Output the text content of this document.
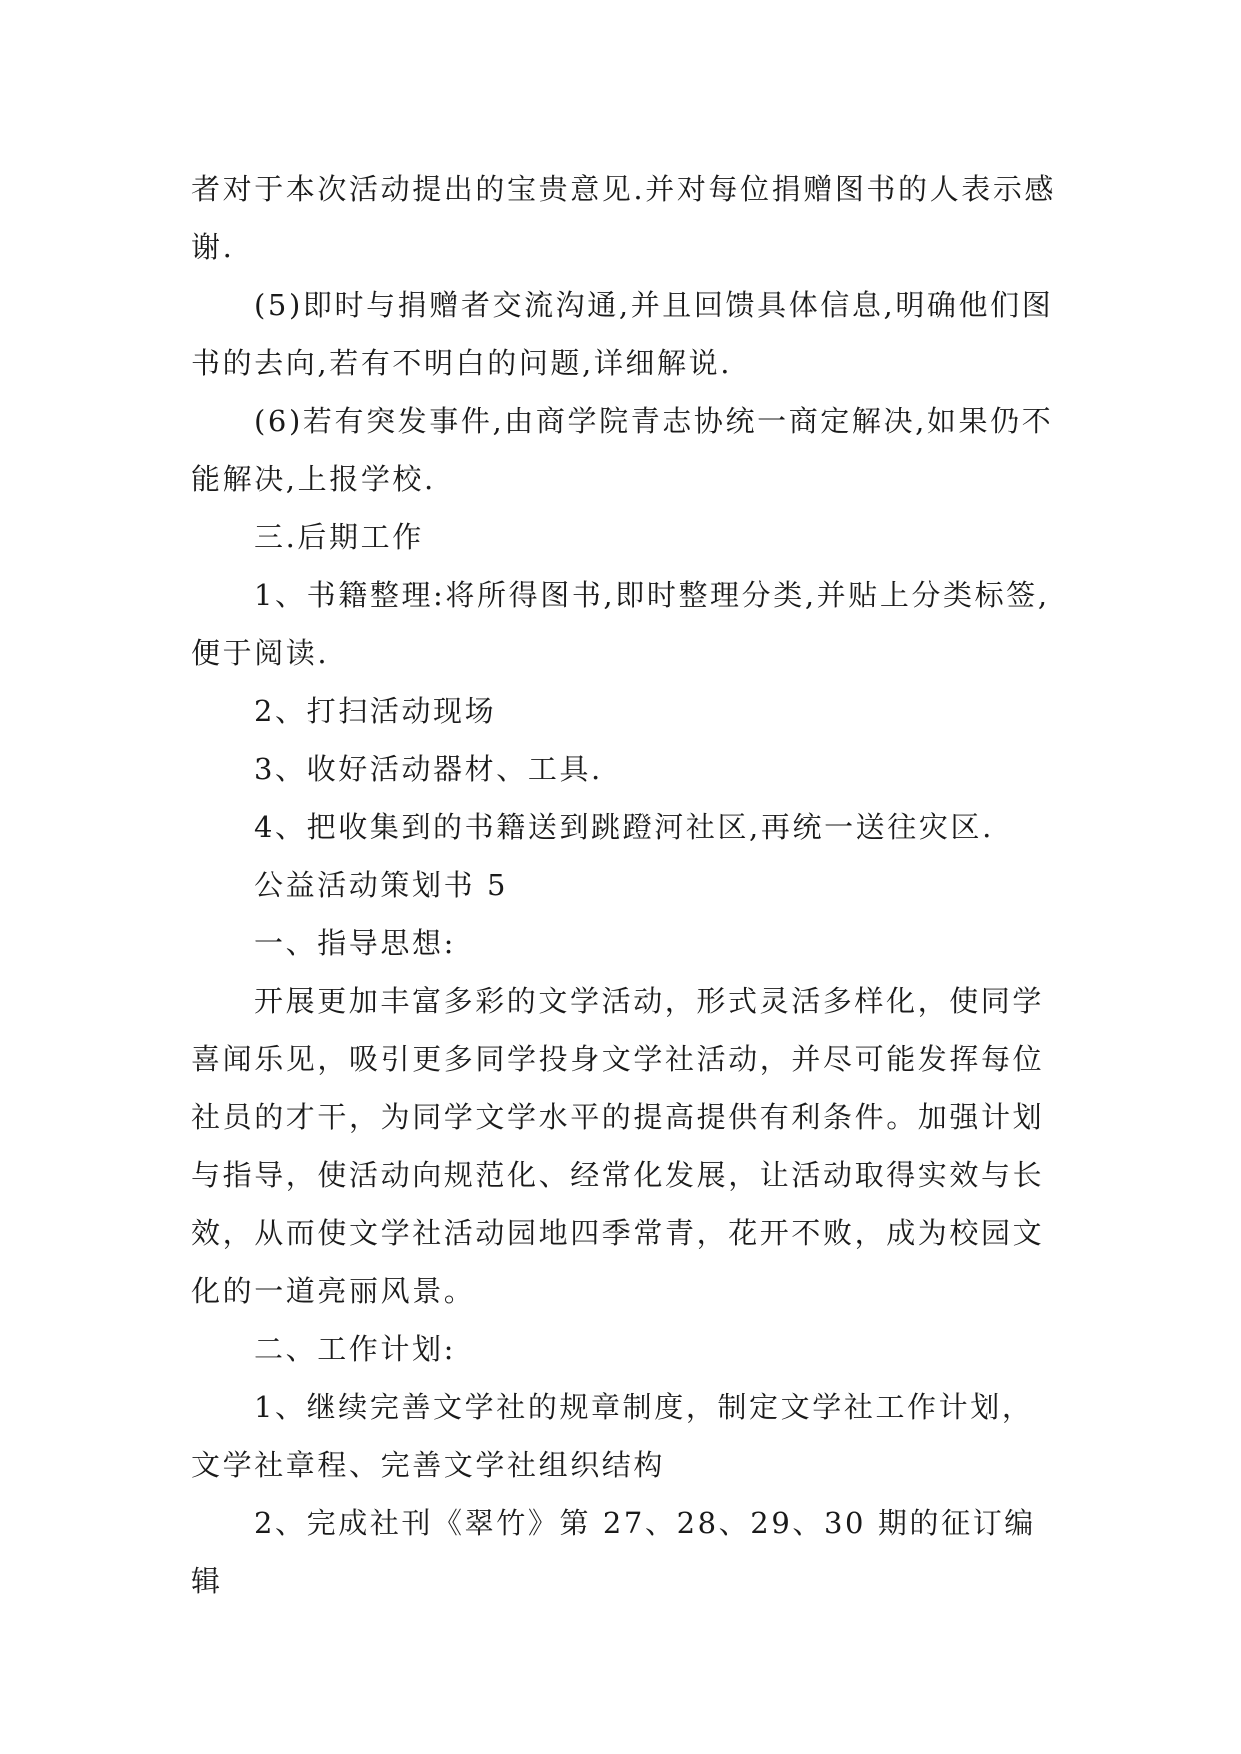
者对于本次活动提出的宝贵意见.并对每位捐赠图书的人表示感谢.

(5)即时与捐赠者交流沟通,并且回馈具体信息,明确他们图书的去向,若有不明白的问题,详细解说.

(6)若有突发事件,由商学院青志协统一商定解决,如果仍不能解决,上报学校.

三.后期工作

1、书籍整理:将所得图书,即时整理分类,并贴上分类标签,便于阅读.

2、打扫活动现场

3、收好活动器材、工具.

4、把收集到的书籍送到跳蹬河社区,再统一送往灾区.

公益活动策划书 5

一、指导思想:

开展更加丰富多彩的文学活动，形式灵活多样化，使同学喜闻乐见，吸引更多同学投身文学社活动，并尽可能发挥每位社员的才干，为同学文学水平的提高提供有利条件。加强计划与指导，使活动向规范化、经常化发展，让活动取得实效与长效，从而使文学社活动园地四季常青，花开不败，成为校园文化的一道亮丽风景。

二、工作计划:

1、继续完善文学社的规章制度，制定文学社工作计划，文学社章程、完善文学社组织结构

2、完成社刊《翠竹》第 27、28、29、30 期的征订编辑
